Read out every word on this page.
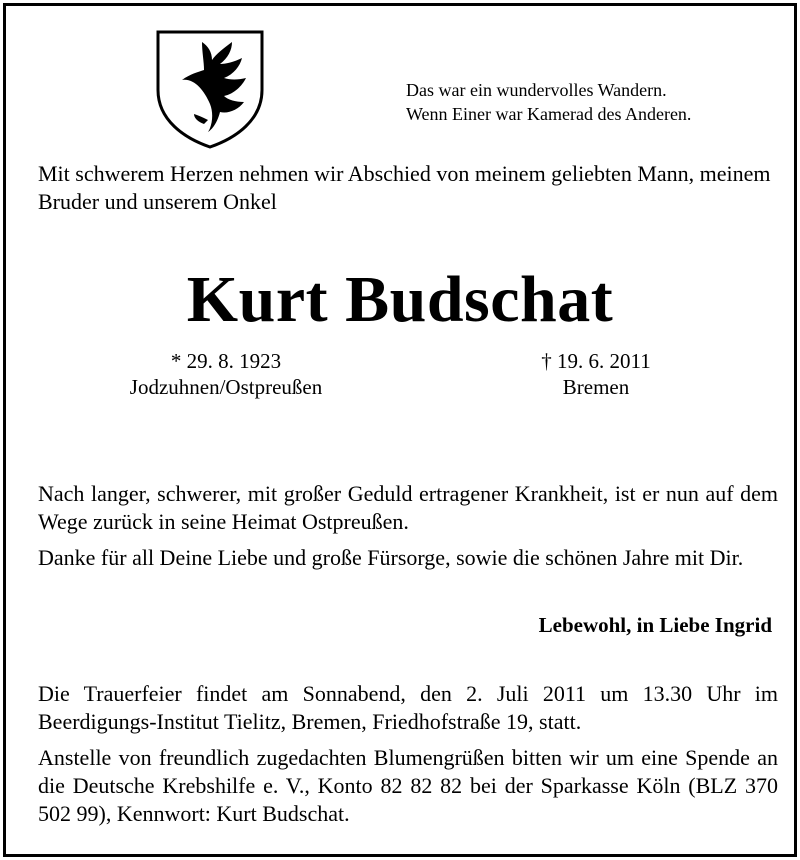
Das war ein wundervolles Wandern.
Wenn Einer war Kamerad des Anderen.
Mit schwerem Herzen nehmen wir Abschied von meinem geliebten Mann, meinem Bruder und unserem Onkel
Kurt Budschat
* 29. 8. 1923
Jodzuhnen/Ostpreußen
† 19. 6. 2011
Bremen
Nach langer, schwerer, mit großer Geduld ertragener Krankheit, ist er nun auf dem Wege zurück in seine Heimat Ostpreußen.
Danke für all Deine Liebe und große Fürsorge, sowie die schönen Jahre mit Dir.
Lebewohl, in Liebe Ingrid
Die Trauerfeier findet am Sonnabend, den 2. Juli 2011 um 13.30 Uhr im Beerdigungs-Institut Tielitz, Bremen, Friedhofstraße 19, statt.
Anstelle von freundlich zugedachten Blumengrüßen bitten wir um eine Spende an die Deutsche Krebshilfe e. V., Konto 82 82 82 bei der Sparkasse Köln (BLZ 370 502 99), Kennwort: Kurt Budschat.
